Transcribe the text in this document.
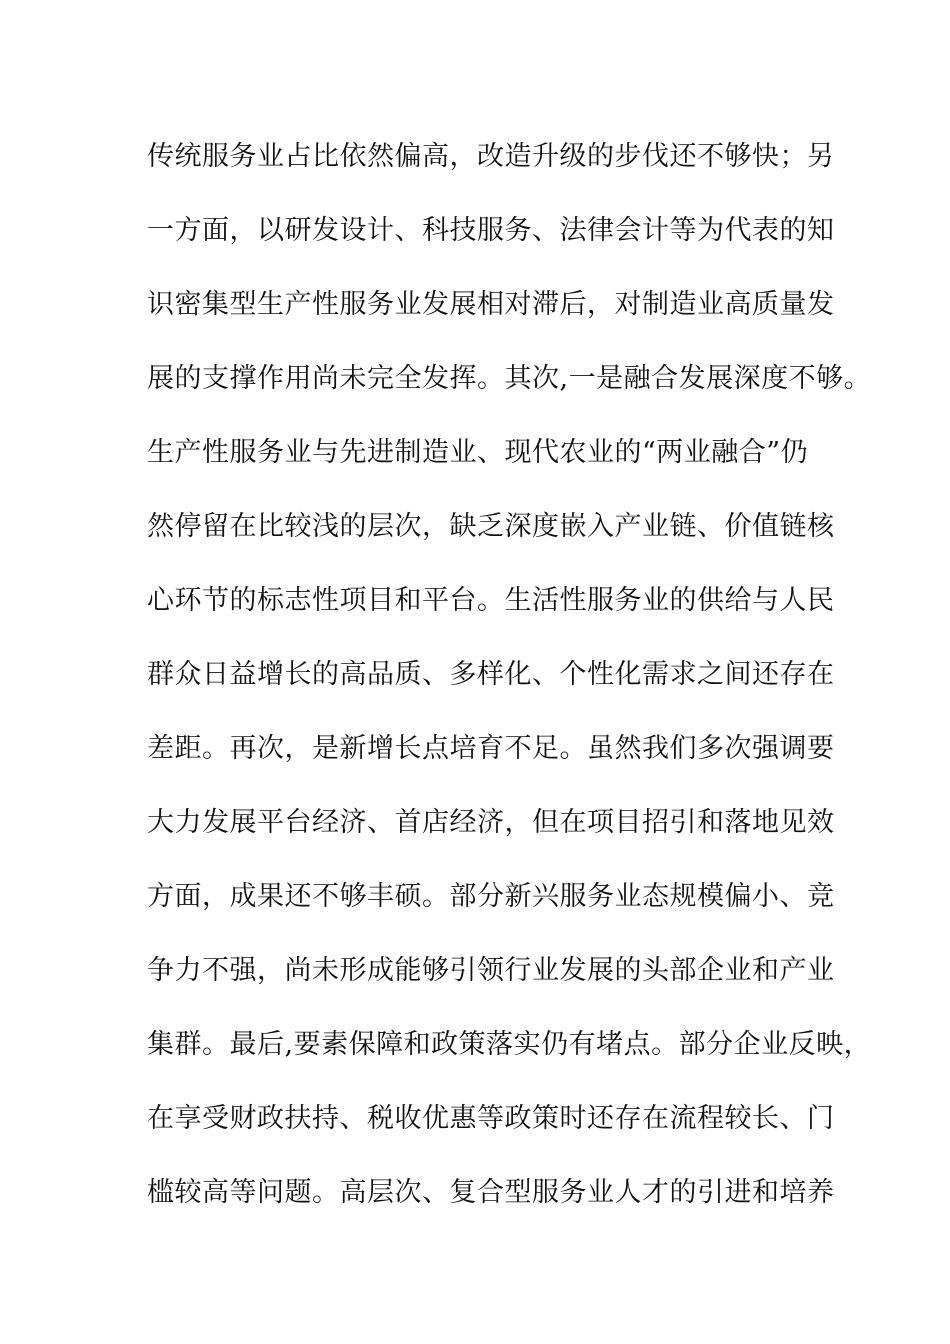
传统服务业占比依然偏高，改造升级的步伐还不够快；另
一方面，以研发设计、科技服务、法律会计等为代表的知
识密集型生产性服务业发展相对滞后，对制造业高质量发
展的支撑作用尚未完全发挥。其次,一是融合发展深度不够。
生产性服务业与先进制造业、现代农业的“两业融合”仍
然停留在比较浅的层次，缺乏深度嵌入产业链、价值链核
心环节的标志性项目和平台。生活性服务业的供给与人民
群众日益增长的高品质、多样化、个性化需求之间还存在
差距。再次，是新增长点培育不足。虽然我们多次强调要
大力发展平台经济、首店经济，但在项目招引和落地见效
方面，成果还不够丰硕。部分新兴服务业态规模偏小、竞
争力不强，尚未形成能够引领行业发展的头部企业和产业
集群。最后,要素保障和政策落实仍有堵点。部分企业反映，
在享受财政扶持、税收优惠等政策时还存在流程较长、门
槛较高等问题。高层次、复合型服务业人才的引进和培养
